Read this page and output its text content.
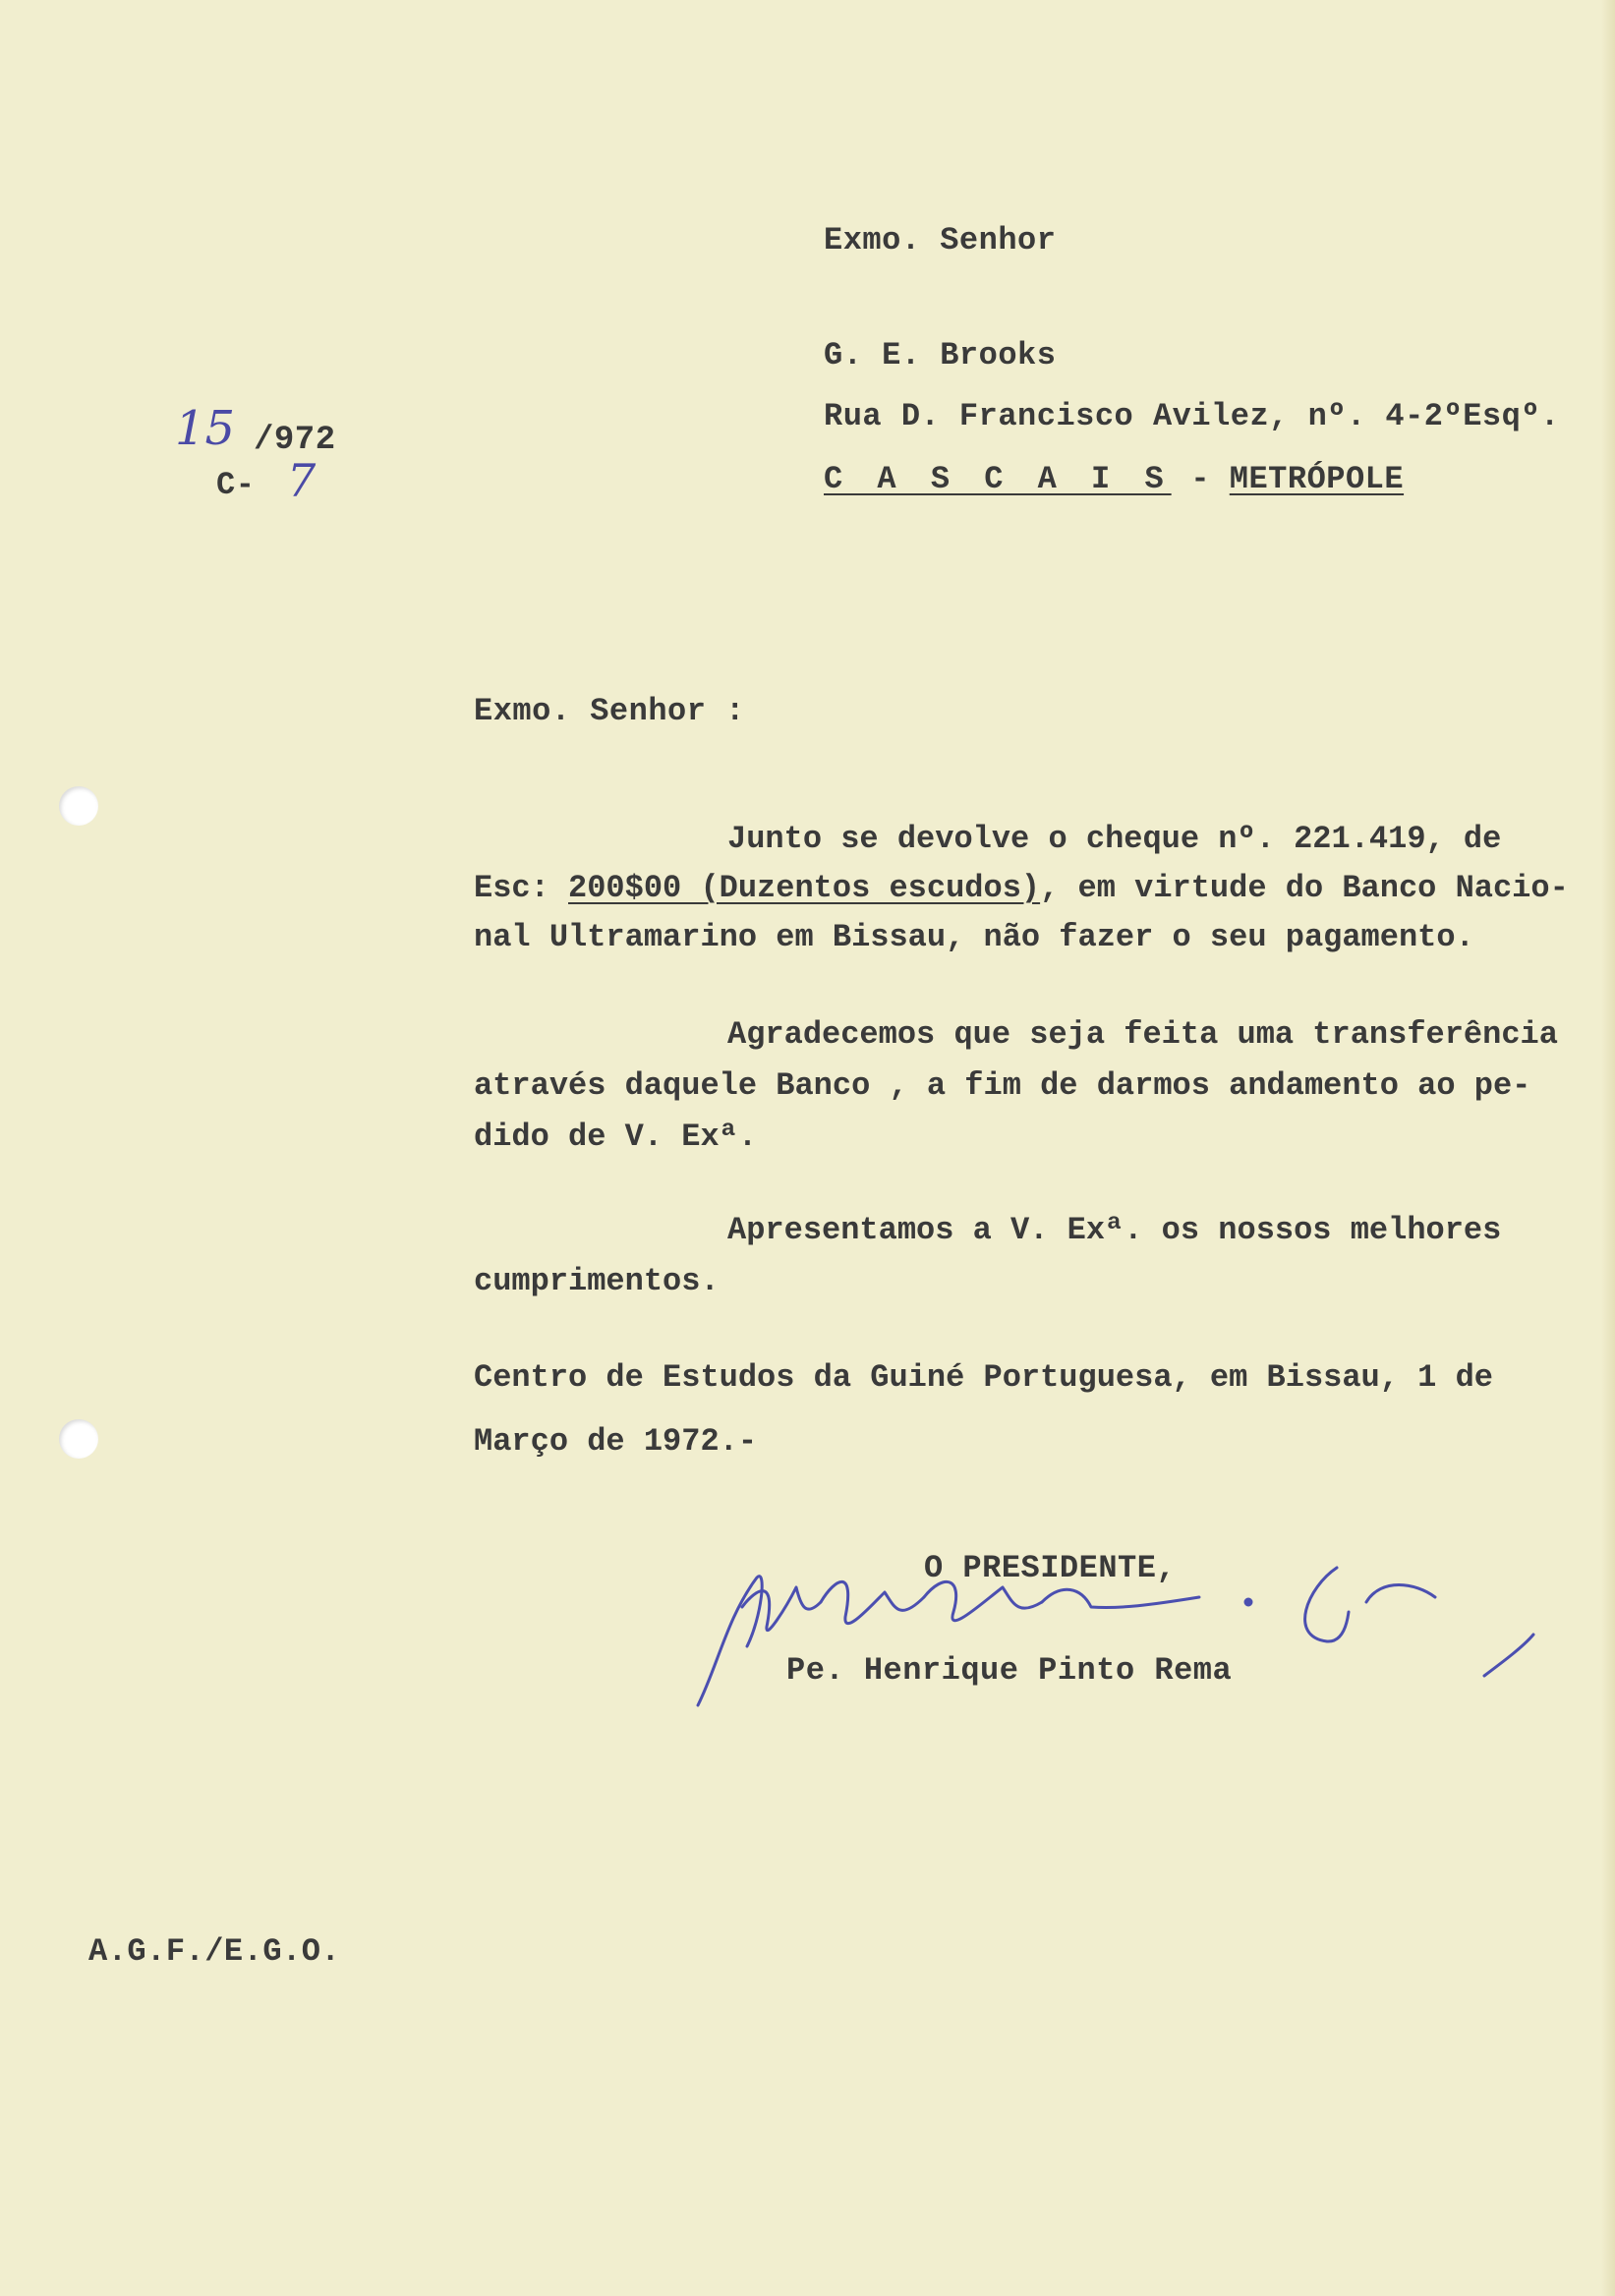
Exmo. Senhor
G. E. Brooks
Rua D. Francisco Avilez, nº. 4-2ºEsqº.
C A S C A I S - METRÓPOLE
15 /972
C- 7
Exmo. Senhor :
Junto se devolve o cheque nº. 221.419, de
Esc: 200$00 (Duzentos escudos), em virtude do Banco Nacio-
nal Ultramarino em Bissau, não fazer o seu pagamento.
Agradecemos que seja feita uma transferência
através daquele Banco , a fim de darmos andamento ao pe-
dido de V. Exª.
Apresentamos a V. Exª. os nossos melhores
cumprimentos.
Centro de Estudos da Guiné Portuguesa, em Bissau, 1 de
Março de 1972.-
O PRESIDENTE,
Pe. Henrique Pinto Rema
A.G.F./E.G.O.
